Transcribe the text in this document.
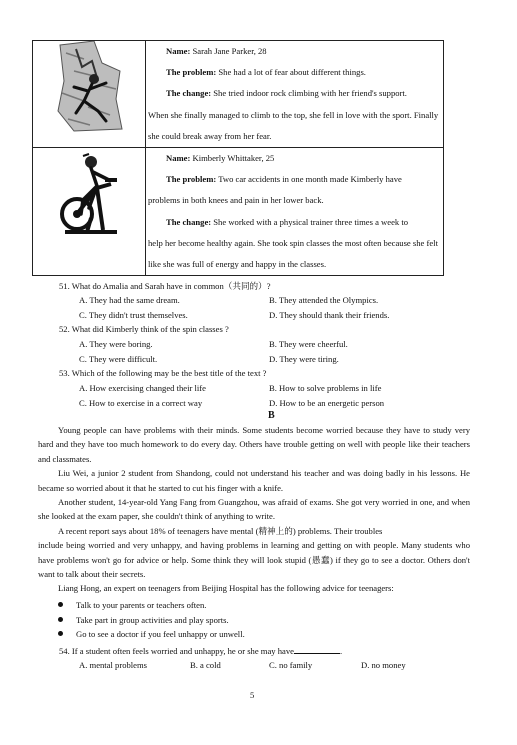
Name: Sarah Jane Parker, 28
The problem: She had a lot of fear about different things.
The change: She tried indoor rock climbing with her friend's support.
When she finally managed to climb to the top, she fell in love with the sport. Finally she could break away from her fear.

Name: Kimberly Whittaker, 25
The problem: Two car accidents in one month made Kimberly have
problems in both knees and pain in her lower back.
The change: She worked with a physical trainer three times a week to
help her become healthy again. She took spin classes the most often because she felt like she was full of energy and happy in the classes.
51. What do Amalia and Sarah have in common（共同的）?
A. They had the same dream.	B. They attended the Olympics.
C. They didn't trust themselves.	D. They should thank their friends.
52. What did Kimberly think of the spin classes ?
A. They were boring.	B. They were cheerful.
C. They were difficult.	D. They were tiring.
53. Which of the following may be the best title of the text ?
A. How exercising changed their life	B. How to solve problems in life
C. How to exercise in a correct way	D. How to be an energetic person
B

Young people can have problems with their minds. Some students become worried because they have to study very hard and they have too much homework to do every day. Others have trouble getting on well with people like their teachers and classmates.

Liu Wei, a junior 2 student from Shandong, could not understand his teacher and was doing badly in his lessons. He became so worried about it that he started to cut his finger with a knife.

Another student, 14-year-old Yang Fang from Guangzhou, was afraid of exams. She got very worried in one, and when she looked at the exam paper, she couldn't think of anything to write.

A recent report says about 18% of teenagers have mental (精神上的) problems. Their troubles

include being worried and very unhappy, and having problems in learning and getting on with people. Many students who have problems won't go for advice or help. Some think they will look stupid (愚蠢) if they go to see a doctor. Others don't want to talk about their secrets.

Liang Hong, an expert on teenagers from Beijing Hospital has the following advice for teenagers:

Talk to your parents or teachers often.
Take part in group activities and play sports.
Go to see a doctor if you feel unhappy or unwell.
54. If a student often feels worried and unhappy, he or she may have	.
A. mental problems	B. a cold	C. no family	D. no money
5
